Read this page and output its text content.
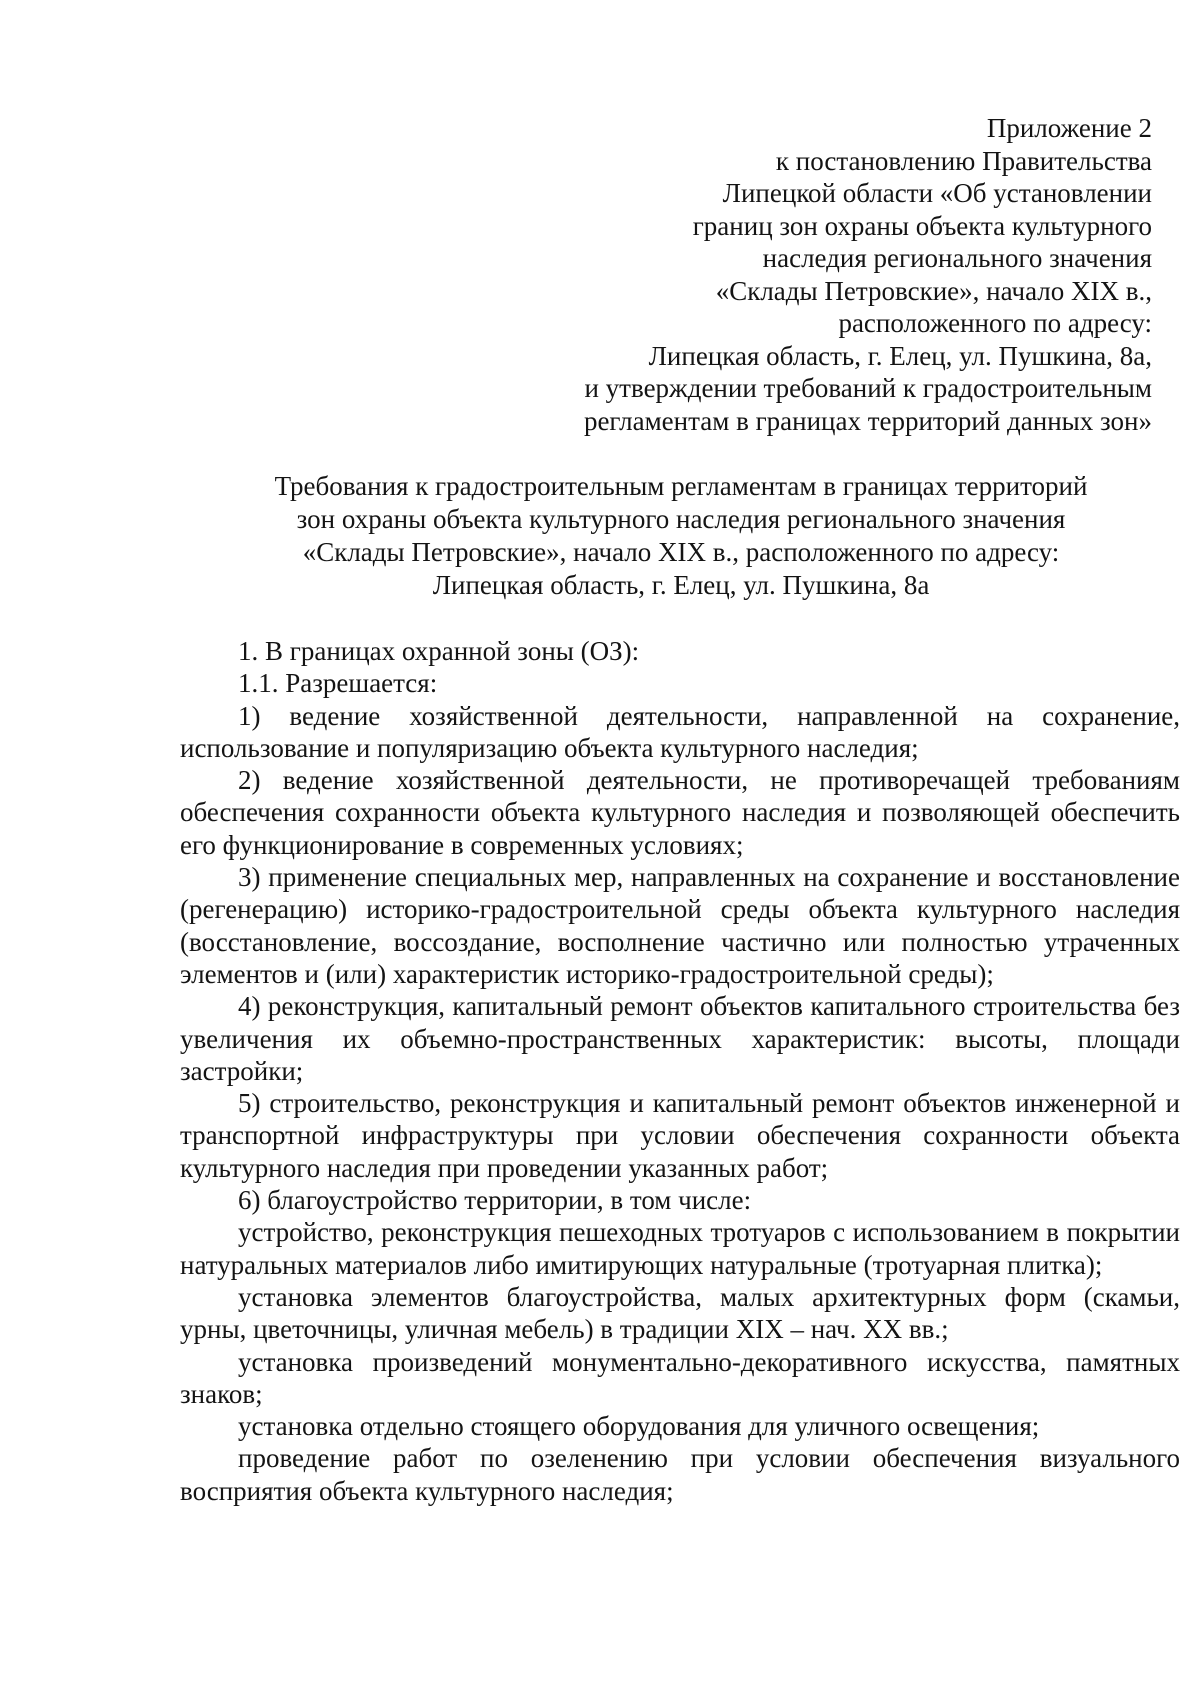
Приложение 2
к постановлению Правительства
Липецкой области «Об установлении
границ зон охраны объекта культурного
наследия регионального значения
«Склады Петровские», начало XIX в.,
расположенного по адресу:
Липецкая область, г. Елец, ул. Пушкина, 8а,
и утверждении требований к градостроительным
регламентам в границах территорий данных зон»
Требования к градостроительным регламентам в границах территорий
зон охраны объекта культурного наследия регионального значения
«Склады Петровские», начало XIX в., расположенного по адресу:
Липецкая область, г. Елец, ул. Пушкина, 8а

1. В границах охранной зоны (ОЗ):

1.1. Разрешается:

1) ведение хозяйственной деятельности, направленной на сохранение, использование и популяризацию объекта культурного наследия;

2) ведение хозяйственной деятельности, не противоречащей требованиям обеспечения сохранности объекта культурного наследия и позволяющей обеспечить его функционирование в современных условиях;

3) применение специальных мер, направленных на сохранение и восстановление (регенерацию) историко-градостроительной среды объекта культурного наследия (восстановление, воссоздание, восполнение частично или полностью утраченных элементов и (или) характеристик историко-градостроительной среды);

4) реконструкция, капитальный ремонт объектов капитального строительства без увеличения их объемно-пространственных характеристик: высоты, площади застройки;

5) строительство, реконструкция и капитальный ремонт объектов инженерной и транспортной инфраструктуры при условии обеспечения сохранности объекта культурного наследия при проведении указанных работ;

6) благоустройство территории, в том числе:

устройство, реконструкция пешеходных тротуаров с использованием в покрытии натуральных материалов либо имитирующих натуральные (тротуарная плитка);

установка элементов благоустройства, малых архитектурных форм (скамьи, урны, цветочницы, уличная мебель) в традиции XIX – нач. XX вв.;

установка произведений монументально-декоративного искусства, памятных знаков;

установка отдельно стоящего оборудования для уличного освещения;

проведение работ по озеленению при условии обеспечения визуального восприятия объекта культурного наследия;
